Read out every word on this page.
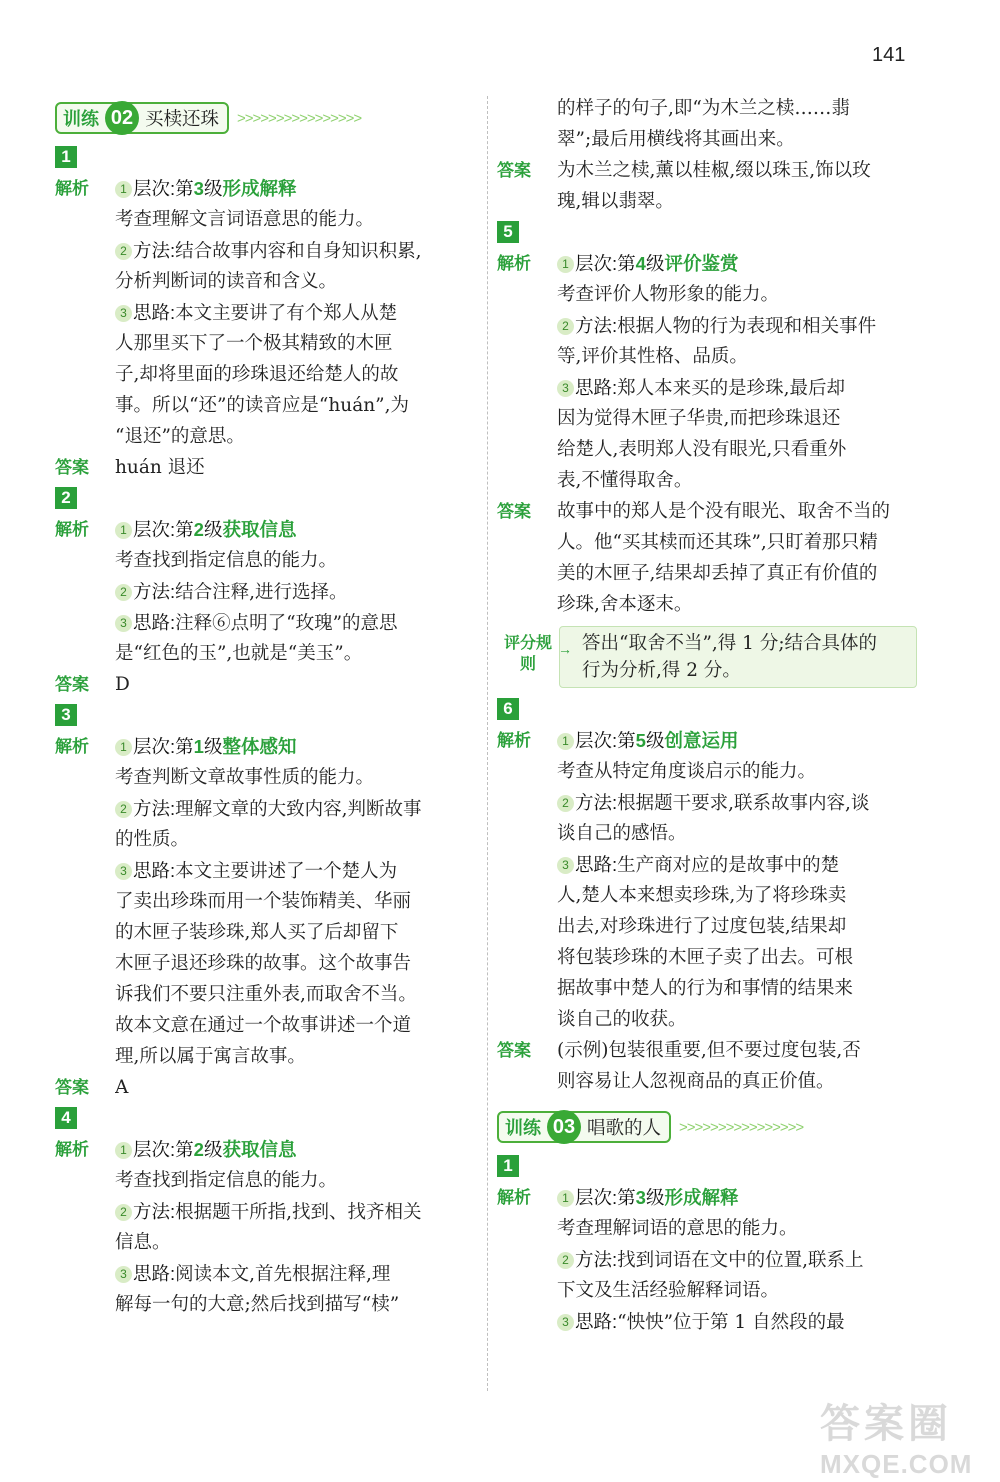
141
训练 02 买椟还珠 >>>>>>>>>>>>>>>>
1
解析	1 层次:第3级形成解释
考查理解文言词语意思的能力。
2 方法:结合故事内容和自身知识积累,
分析判断词的读音和含义。
3 思路:本文主要讲了有个郑人从楚
人那里买下了一个极其精致的木匣
子,却将里面的珍珠退还给楚人的故
事。所以“还”的读音应是“huán”,为
“退还”的意思。
答案	huán 退还
2
解析	1 层次:第2级获取信息
考查找到指定信息的能力。
2 方法:结合注释,进行选择。
3 思路:注释⑥点明了“玫瑰”的意思
是“红色的玉”,也就是“美玉”。
答案	D
3
解析	1 层次:第1级整体感知
考查判断文章故事性质的能力。
2 方法:理解文章的大致内容,判断故事
的性质。
3 思路:本文主要讲述了一个楚人为
了卖出珍珠而用一个装饰精美、华丽
的木匣子装珍珠,郑人买了后却留下
木匣子退还珍珠的故事。这个故事告
诉我们不要只注重外表,而取舍不当。
故本文意在通过一个故事讲述一个道
理,所以属于寓言故事。
答案	A
4
解析	1 层次:第2级获取信息
考查找到指定信息的能力。
2 方法:根据题干所指,找到、找齐相关
信息。
3 思路:阅读本文,首先根据注释,理
解每一句的大意;然后找到描写“椟”
的样子的句子,即“为木兰之椟……翡
翠”;最后用横线将其画出来。
答案	为木兰之椟,薰以桂椒,缀以珠玉,饰以玫
瑰,辑以翡翠。
5
解析	1 层次:第4级评价鉴赏
考查评价人物形象的能力。
2 方法:根据人物的行为表现和相关事件
等,评价其性格、品质。
3 思路:郑人本来买的是珍珠,最后却
因为觉得木匣子华贵,而把珍珠退还
给楚人,表明郑人没有眼光,只看重外
表,不懂得取舍。
答案	故事中的郑人是个没有眼光、取舍不当的
人。他“买其椟而还其珠”,只盯着那只精
美的木匣子,结果却丢掉了真正有价值的
珍珠,舍本逐末。
评分规则
→ 答出“取舍不当”,得 1 分;结合具体的
行为分析,得 2 分。
6
解析	1 层次:第5级创意运用
考查从特定角度谈启示的能力。
2 方法:根据题干要求,联系故事内容,谈
谈自己的感悟。
3 思路:生产商对应的是故事中的楚
人,楚人本来想卖珍珠,为了将珍珠卖
出去,对珍珠进行了过度包装,结果却
将包装珍珠的木匣子卖了出去。可根
据故事中楚人的行为和事情的结果来
谈自己的收获。
答案	(示例)包装很重要,但不要过度包装,否
则容易让人忽视商品的真正价值。
训练 03 唱歌的人 >>>>>>>>>>>>>>>>
1
解析	1 层次:第3级形成解释
考查理解词语的意思的能力。
2 方法:找到词语在文中的位置,联系上
下文及生活经验解释词语。
3 思路:“怏怏”位于第 1 自然段的最
答案圈
MXQE.COM
